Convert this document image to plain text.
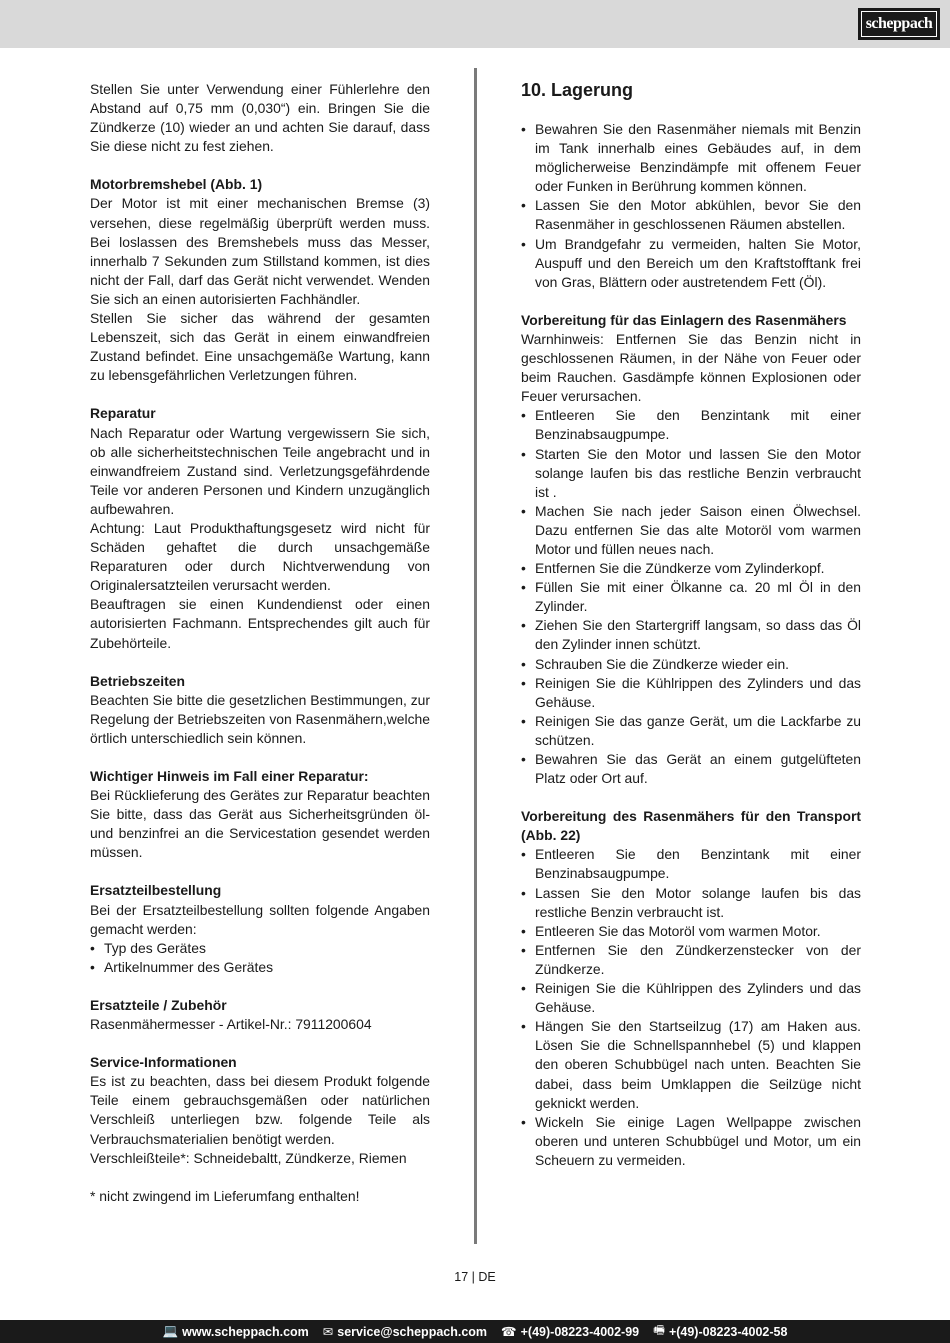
scheppach

Stellen Sie unter Verwendung einer Fühlerlehre den Abstand auf 0,75 mm (0,030“) ein. Bringen Sie die Zündkerze (10) wieder an und achten Sie darauf, dass Sie diese nicht zu fest ziehen.

Motorbremshebel (Abb. 1)

Der Motor ist mit einer mechanischen Bremse (3) versehen, diese regelmäßig überprüft werden muss. Bei loslassen des Bremshebels muss das Messer, innerhalb 7 Sekunden zum Stillstand kommen, ist dies nicht der Fall, darf das Gerät nicht verwendet. Wenden Sie sich an einen autorisierten Fachhändler.

Stellen Sie sicher das während der gesamten Lebenszeit, sich das Gerät in einem einwandfreien Zustand befindet. Eine unsachgemäße Wartung, kann zu lebensgefährlichen Verletzungen führen.

Reparatur

Nach Reparatur oder Wartung vergewissern Sie sich, ob alle sicherheitstechnischen Teile angebracht und in einwandfreiem Zustand sind. Verletzungsgefährdende Teile vor anderen Personen und Kindern unzugänglich aufbewahren.

Achtung: Laut Produkthaftungsgesetz wird nicht für Schäden gehaftet die durch unsachgemäße Reparaturen oder durch Nichtverwendung von Originalersatzteilen verursacht werden.

Beauftragen sie einen Kundendienst oder einen autorisierten Fachmann. Entsprechendes gilt auch für Zubehörteile.

Betriebszeiten

Beachten Sie bitte die gesetzlichen Bestimmungen, zur Regelung der Betriebszeiten von Rasenmähern,welche örtlich unterschiedlich sein können.

Wichtiger Hinweis im Fall einer Reparatur:

Bei Rücklieferung des Gerätes zur Reparatur beachten Sie bitte, dass das Gerät aus Sicherheitsgründen öl- und benzinfrei an die Servicestation gesendet werden müssen.

Ersatzteilbestellung

Bei der Ersatzteilbestellung sollten folgende Angaben gemacht werden:

• Typ des Gerätes
• Artikelnummer des Gerätes

Ersatzteile / Zubehör

Rasenmähermesser - Artikel-Nr.: 7911200604

Service-Informationen

Es ist zu beachten, dass bei diesem Produkt folgende Teile einem gebrauchsgemäßen oder natürlichen Verschleiß unterliegen bzw. folgende Teile als Verbrauchsmaterialien benötigt werden.

Verschleißteile*: Schneidebaltt, Zündkerze, Riemen

* nicht zwingend im Lieferumfang enthalten!

10. Lagerung
• Bewahren Sie den Rasenmäher niemals mit Benzin im Tank innerhalb eines Gebäudes auf, in dem möglicherweise Benzindämpfe mit offenem Feuer oder Funken in Berührung kommen können.
• Lassen Sie den Motor abkühlen, bevor Sie den Rasenmäher in geschlossenen Räumen abstellen.
• Um Brandgefahr zu vermeiden, halten Sie Motor, Auspuff und den Bereich um den Kraftstofftank frei von Gras, Blättern oder austretendem Fett (Öl).

Vorbereitung für das Einlagern des Rasenmähers

Warnhinweis: Entfernen Sie das Benzin nicht in geschlossenen Räumen, in der Nähe von Feuer oder beim Rauchen. Gasdämpfe können Explosionen oder Feuer verursachen.

• Entleeren Sie den Benzintank mit einer Benzinabsaugpumpe.
• Starten Sie den Motor und lassen Sie den Motor solange laufen bis das restliche Benzin verbraucht ist .
• Machen Sie nach jeder Saison einen Ölwechsel. Dazu entfernen Sie das alte Motoröl vom warmen Motor und füllen neues nach.
• Entfernen Sie die Zündkerze vom Zylinderkopf.
• Füllen Sie mit einer Ölkanne ca. 20 ml Öl in den Zylinder.
• Ziehen Sie den Startergriff langsam, so dass das Öl den Zylinder innen schützt.
• Schrauben Sie die Zündkerze wieder ein.
• Reinigen Sie die Kühlrippen des Zylinders und das Gehäuse.
• Reinigen Sie das ganze Gerät, um die Lackfarbe zu schützen.
• Bewahren Sie das Gerät an einem gutgelüfteten Platz oder Ort auf.

Vorbereitung des Rasenmähers für den Transport (Abb. 22)

• Entleeren Sie den Benzintank mit einer Benzinabsaugpumpe.
• Lassen Sie den Motor solange laufen bis das restliche Benzin verbraucht ist.
• Entleeren Sie das Motoröl vom warmen Motor.
• Entfernen Sie den Zündkerzenstecker von der Zündkerze.
• Reinigen Sie die Kühlrippen des Zylinders und das Gehäuse.
• Hängen Sie den Startseilzug (17) am Haken aus. Lösen Sie die Schnellspannhebel (5) und klappen den oberen Schubbügel nach unten. Beachten Sie dabei, dass beim Umklappen die Seilzüge nicht geknickt werden.
• Wickeln Sie einige Lagen Wellpappe zwischen oberen und unteren Schubbügel und Motor, um ein Scheuern zu vermeiden.
17 | DE
💻 www.scheppach.com ✉ service@scheppach.com ☎ +(49)-08223-4002-99 🖷 +(49)-08223-4002-58
